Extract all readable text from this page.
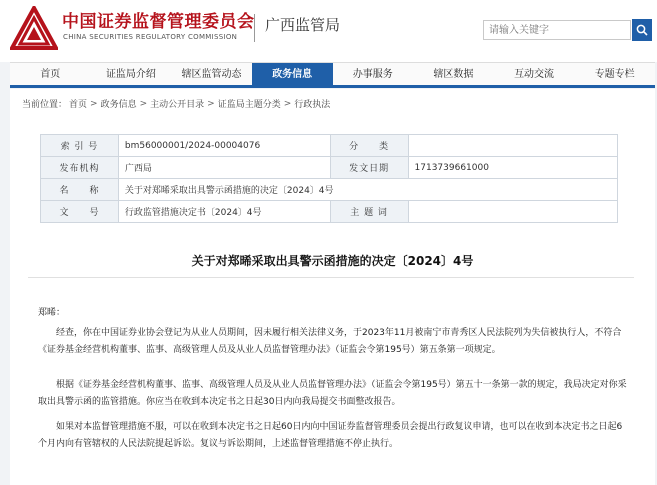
中国证券监督管理委员会
CHINA SECURITIES REGULATORY COMMISSION
广西监管局
请输入关键字
首页	证监局介绍	辖区监管动态	政务信息	办事服务	辖区数据	互动交流	专题专栏
当前位置： 首页 > 政务信息 > 主动公开目录 > 证监局主题分类 > 行政执法
索 引 号	bm56000001/2024-00004076	分　　类	
发布机构	广西局	发文日期	1713739661000
名　　称	关于对郑晞采取出具警示函措施的决定〔2024〕4号		
文　　号	行政监管措施决定书〔2024〕4号	主 题 词	
关于对郑晞采取出具警示函措施的决定〔2024〕4号
郑晞：

经查，你在中国证券业协会登记为从业人员期间，因未履行相关法律义务，于2023年11月被南宁市青秀区人民法院列为失信被执行人，不符合《证券基金经营机构董事、监事、高级管理人员及从业人员监督管理办法》（证监会令第195号）第五条第一项规定。

根据《证券基金经营机构董事、监事、高级管理人员及从业人员监督管理办法》（证监会令第195号）第五十一条第一款的规定，我局决定对你采取出具警示函的监管措施。你应当在收到本决定书之日起30日内向我局提交书面整改报告。

如果对本监督管理措施不服，可以在收到本决定书之日起60日内向中国证券监督管理委员会提出行政复议申请，也可以在收到本决定书之日起6个月内向有管辖权的人民法院提起诉讼。复议与诉讼期间，上述监督管理措施不停止执行。
